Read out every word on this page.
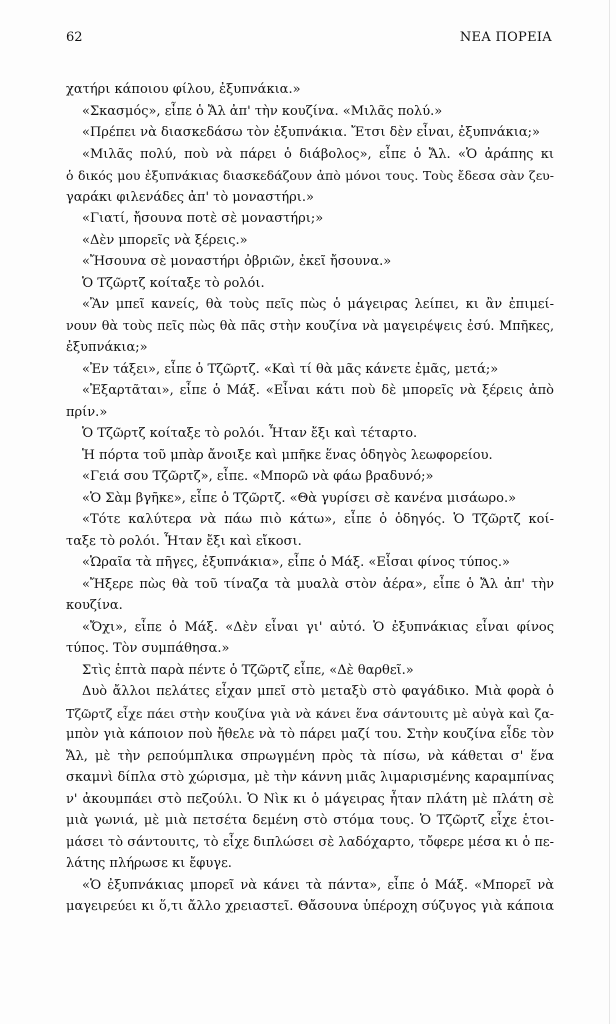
62	ΝΕΑ ΠΟΡΕΙΑ
χατήρι κάποιου φίλου, ἐξυπνάκια.»
«Σκασμός», εἶπε ὁ Ἄλ ἀπ' τὴν κουζίνα. «Μιλᾶς πολύ.»
«Πρέπει νὰ διασκεδάσω τὸν ἐξυπνάκια. Ἔτσι δὲν εἶναι, ἐξυπνάκια;»
«Μιλᾶς πολύ, ποὺ νὰ πάρει ὁ διάβολος», εἶπε ὁ Ἄλ. «Ὁ ἀράπης κι
ὁ δικός μου ἐξυπνάκιας διασκεδάζουν ἀπὸ μόνοι τους. Τοὺς ἔδεσα σὰν ζευ-
γαράκι φιλενάδες ἀπ' τὸ μοναστήρι.»
«Γιατί, ἤσουνα ποτὲ σὲ μοναστήρι;»
«Δὲν μπορεῖς νὰ ξέρεις.»
«Ἤσουνα σὲ μοναστήρι ὀβριῶν, ἐκεῖ ἤσουνα.»
Ὁ Τζῶρτζ κοίταξε τὸ ρολόι.
«Ἂν μπεῖ κανείς, θὰ τοὺς πεῖς πὼς ὁ μάγειρας λείπει, κι ἂν ἐπιμεί-
νουν θὰ τοὺς πεῖς πὼς θὰ πᾶς στὴν κουζίνα νὰ μαγειρέψεις ἐσύ. Μπῆκες,
ἐξυπνάκια;»
«Ἐν τάξει», εἶπε ὁ Τζῶρτζ. «Καὶ τί θὰ μᾶς κάνετε ἐμᾶς, μετά;»
«Ἐξαρτᾶται», εἶπε ὁ Μάξ. «Εἶναι κάτι ποὺ δὲ μπορεῖς νὰ ξέρεις ἀπὸ
πρίν.»
Ὁ Τζῶρτζ κοίταξε τὸ ρολόι. Ἦταν ἔξι καὶ τέταρτο.
Ἡ πόρτα τοῦ μπὰρ ἄνοιξε καὶ μπῆκε ἕνας ὁδηγὸς λεωφορείου.
«Γειά σου Τζῶρτζ», εἶπε. «Μπορῶ νὰ φάω βραδυνό;»
«Ὁ Σὰμ βγῆκε», εἶπε ὁ Τζῶρτζ. «Θὰ γυρίσει σὲ κανένα μισάωρο.»
«Τότε καλύτερα νὰ πάω πιὸ κάτω», εἶπε ὁ ὁδηγός. Ὁ Τζῶρτζ κοί-
ταξε τὸ ρολόι. Ἦταν ἔξι καὶ εἴκοσι.
«Ὡραῖα τὰ πῆγες, ἐξυπνάκια», εἶπε ὁ Μάξ. «Εἶσαι φίνος τύπος.»
«Ἤξερε πὼς θὰ τοῦ τίναζα τὰ μυαλὰ στὸν ἀέρα», εἶπε ὁ Ἄλ ἀπ' τὴν
κουζίνα.
«Ὄχι», εἶπε ὁ Μάξ. «Δὲν εἶναι γι' αὐτό. Ὁ ἐξυπνάκιας εἶναι φίνος
τύπος. Τὸν συμπάθησα.»
Στὶς ἑπτὰ παρὰ πέντε ὁ Τζῶρτζ εἶπε, «Δὲ θαρθεῖ.»
Δυὸ ἄλλοι πελάτες εἶχαν μπεῖ στὸ μεταξὺ στὸ φαγάδικο. Μιὰ φορὰ ὁ
Τζῶρτζ εἶχε πάει στὴν κουζίνα γιὰ νὰ κάνει ἕνα σάντουιτς μὲ αὐγὰ καὶ ζα-
μπὸν γιὰ κάποιον ποὺ ἤθελε νὰ τὸ πάρει μαζί του. Στὴν κουζίνα εἶδε τὸν
Ἄλ, μὲ τὴν ρεπούμπλικα σπρωγμένη πρὸς τὰ πίσω, νὰ κάθεται σ' ἕνα
σκαμνὶ δίπλα στὸ χώρισμα, μὲ τὴν κάννη μιᾶς λιμαρισμένης καραμπίνας
ν' ἀκουμπάει στὸ πεζούλι. Ὁ Νὶκ κι ὁ μάγειρας ἦταν πλάτη μὲ πλάτη σὲ
μιὰ γωνιά, μὲ μιὰ πετσέτα δεμένη στὸ στόμα τους. Ὁ Τζῶρτζ εἶχε ἑτοι-
μάσει τὸ σάντουιτς, τὸ εἶχε διπλώσει σὲ λαδόχαρτο, τὄφερε μέσα κι ὁ πε-
λάτης πλήρωσε κι ἔφυγε.
«Ὁ ἐξυπνάκιας μπορεῖ νὰ κάνει τὰ πάντα», εἶπε ὁ Μάξ. «Μπορεῖ νὰ
μαγειρεύει κι ὅ,τι ἄλλο χρειαστεῖ. Θἄσουνα ὑπέροχη σύζυγος γιὰ κάποια
